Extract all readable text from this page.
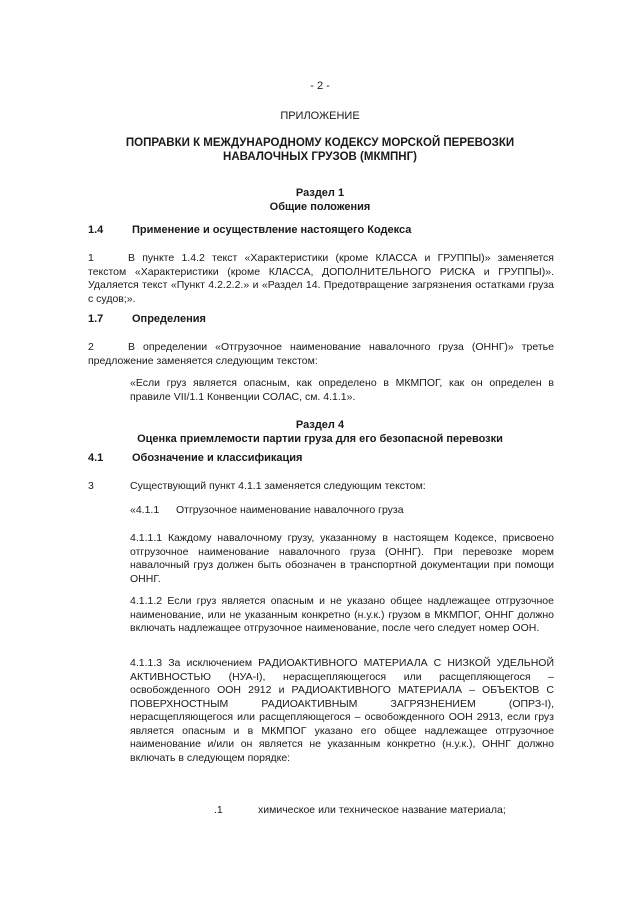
- 2 -

ПРИЛОЖЕНИЕ

ПОПРАВКИ К МЕЖДУНАРОДНОМУ КОДЕКСУ МОРСКОЙ ПЕРЕВОЗКИ
НАВАЛОЧНЫХ ГРУЗОВ (МКМПНГ)
Раздел 1
Общие положения

1.4	Применение и осуществление настоящего Кодекса

1	В пункте 1.4.2 текст «Характеристики (кроме КЛАССА и ГРУППЫ)» заменяется текстом «Характеристики (кроме КЛАССА, ДОПОЛНИТЕЛЬНОГО РИСКА и ГРУППЫ)». Удаляется текст «Пункт 4.2.2.2.» и «Раздел 14. Предотвращение загрязнения остатками груза с судов;».

1.7	Определения

2	В определении «Отгрузочное наименование навалочного груза (ОННГ)» третье предложение заменяется следующим текстом:

«Если груз является опасным, как определено в МКМПОГ, как он определен в правиле VII/1.1 Конвенции СОЛАС, см. 4.1.1».

Раздел 4
Оценка приемлемости партии груза для его безопасной перевозки

4.1	Обозначение и классификация

3	Существующий пункт 4.1.1 заменяется следующим текстом:

«4.1.1 Отгрузочное наименование навалочного груза

4.1.1.1 Каждому навалочному грузу, указанному в настоящем Кодексе, присвоено отгрузочное наименование навалочного груза (ОННГ). При перевозке морем навалочный груз должен быть обозначен в транспортной документации при помощи ОННГ.

4.1.1.2 Если груз является опасным и не указано общее надлежащее отгрузочное наименование, или не указанным конкретно (н.у.к.) грузом в МКМПОГ, ОННГ должно включать надлежащее отгрузочное наименование, после чего следует номер ООН.

4.1.1.3 За исключением РАДИОАКТИВНОГО МАТЕРИАЛА С НИЗКОЙ УДЕЛЬНОЙ АКТИВНОСТЬЮ (НУА-I), нерасщепляющегося или расщепляющегося – освобожденного ООН 2912 и РАДИОАКТИВНОГО МАТЕРИАЛА – ОБЪЕКТОВ С ПОВЕРХНОСТНЫМ РАДИОАКТИВНЫМ ЗАГРЯЗНЕНИЕМ (ОПРЗ-I), нерасщепляющегося или расщепляющегося – освобожденного ООН 2913, если груз является опасным и в МКМПОГ указано его общее надлежащее отгрузочное наименование и/или он является не указанным конкретно (н.у.к.), ОННГ должно включать в следующем порядке:

.1	химическое или техническое название материала;
